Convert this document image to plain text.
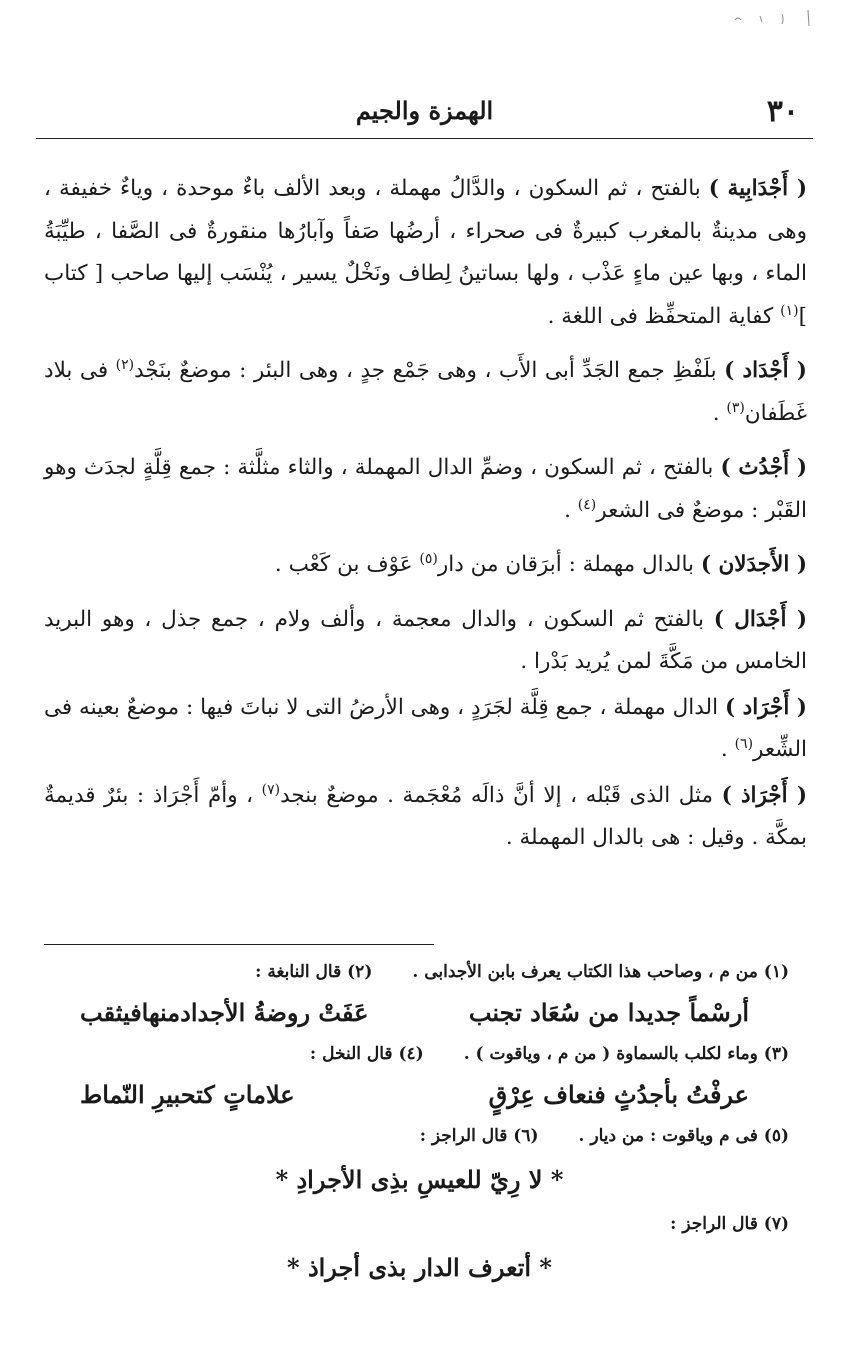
٣٠
الهمزة والجيم

( أَجْدَابِية ) بالفتح ، ثم السكون ، والدَّالُ مهملة ، وبعد الألف باءٌ موحدة ، وياءٌ خفيفة ، وهى مدينةٌ بالمغرب كبيرةٌ فى صحراء ، أرضُها صَفاً وآبارُها منقورةٌ فى الصَّفا ، طيِّبَةُ الماء ، وبها عين ماءٍ عَذْب ، ولها بساتينُ لِطاف ونَخْلٌ يسير ، يُنْسَب إليها صاحب [ كتاب ]$^{(١)}$ كفاية المتحفِّظ فى اللغة .

( أَجْدَاد ) بلَفْظِ جمع الجَدِّ أبى الأَب ، وهى جَمْع جدٍ ، وهى البئر : موضعٌ بنَجْد$^{(٢)}$ فى بلاد غَطَفان$^{(٣)}$ .

( أَجْدُث ) بالفتح ، ثم السكون ، وضمِّ الدال المهملة ، والثاء مثلَّثة : جمع قِلَّةٍ لجدَث وهو القَبْر : موضعٌ فى الشعر$^{(٤)}$ .

( الأَجدَلان ) بالدال مهملة : أبرَقان من دار$^{(٥)}$ عَوْف بن كَعْب .

( أَجْدَال ) بالفتح ثم السكون ، والدال معجمة ، وألف ولام ، جمع جذل ، وهو البريد الخامس من مَكَّةَ لمن يُريد بَدْرا .

( أَجْرَاد ) الدال مهملة ، جمع قِلَّة لجَرَدٍ ، وهى الأرضُ التى لا نباتَ فيها : موضعٌ بعينه فى الشِّعر$^{(٦)}$ .

( أَجْرَاذ ) مثل الذى قَبْله ، إلا أنَّ ذالَه مُعْجَمة . موضعٌ بنجد$^{(٧)}$ ، وأمّ أَجْرَاذ : بئرٌ قديمةٌ بمكَّة . وقيل : هى بالدال المهملة .

(١) من م ، وصاحب هذا الكتاب يعرف بابن الأجدابى .(٢) قال النابغة :
أرسْماً جديدا من سُعَاد تجنب
عَفَتْ روضةُ الأجدادمنهافيثقب
(٣) وماء لكلب بالسماوة ( من م ، وياقوت ) .(٤) قال النخل :
عرفْتُ بأجدُثٍ فنعاف عِرْقٍ
علاماتٍ كتحبيرِ النّماط
(٥) فى م وياقوت : من ديار .(٦) قال الراجز :
* لا رِيّ للعيسِ بذِى الأجرادِ *
(٧) قال الراجز :
* أتعرف الدار بذى أجراذ *
